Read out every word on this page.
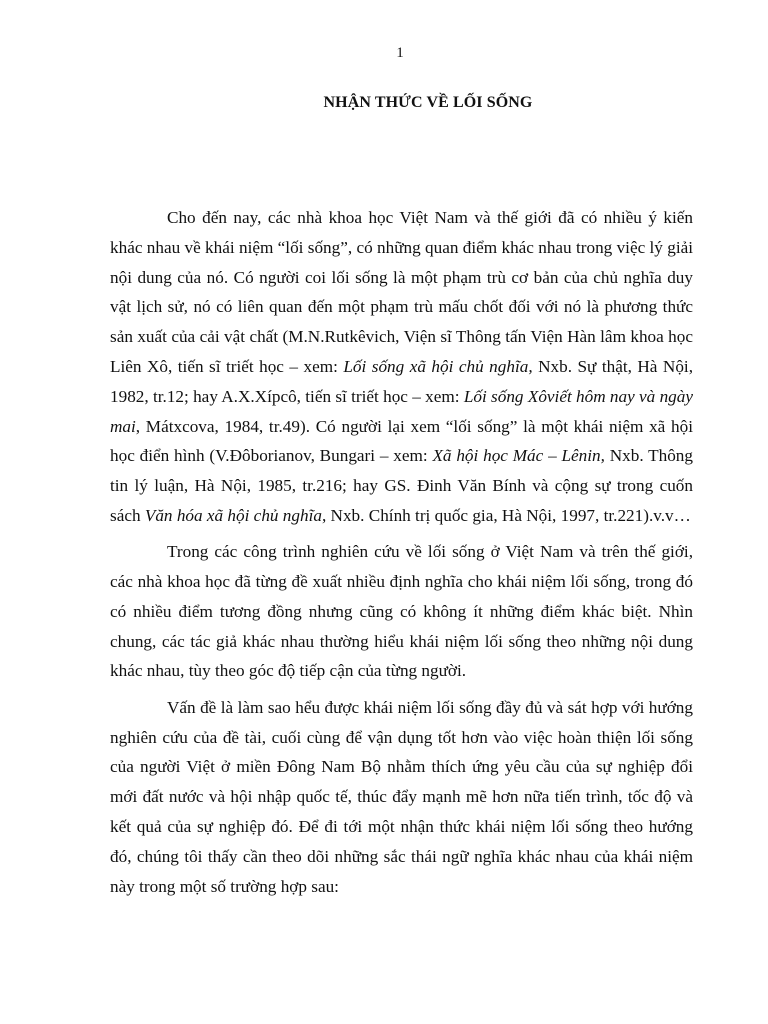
1
NHẬN THỨC VỀ LỐI SỐNG

Cho đến nay, các nhà khoa học Việt Nam và thế giới đã có nhiều ý kiến khác nhau về khái niệm “lối sống”, có những quan điểm khác nhau trong việc lý giải nội dung của nó. Có người coi lối sống là một phạm trù cơ bản của chủ nghĩa duy vật lịch sử, nó có liên quan đến một phạm trù mấu chốt đối với nó là phương thức sản xuất của cải vật chất (M.N.Rutkêvich, Viện sĩ Thông tấn Viện Hàn lâm khoa học Liên Xô, tiến sĩ triết học – xem: Lối sống xã hội chủ nghĩa, Nxb. Sự thật, Hà Nội, 1982, tr.12; hay A.X.Xípcô, tiến sĩ triết học – xem: Lối sống Xôviết hôm nay và ngày mai, Mátxcova, 1984, tr.49). Có người lại xem “lối sống” là một khái niệm xã hội học điển hình (V.Đôborianov, Bungari – xem: Xã hội học Mác – Lênin, Nxb. Thông tin lý luận, Hà Nội, 1985, tr.216; hay GS. Đinh Văn Bính và cộng sự trong cuốn sách Văn hóa xã hội chủ nghĩa, Nxb. Chính trị quốc gia, Hà Nội, 1997, tr.221).v.v…

Trong các công trình nghiên cứu về lối sống ở Việt Nam và trên thế giới, các nhà khoa học đã từng đề xuất nhiều định nghĩa cho khái niệm lối sống, trong đó có nhiều điểm tương đồng nhưng cũng có không ít những điểm khác biệt. Nhìn chung, các tác giả khác nhau thường hiểu khái niệm lối sống theo những nội dung khác nhau, tùy theo góc độ tiếp cận của từng người.

Vấn đề là làm sao hểu được khái niệm lối sống đầy đủ và sát hợp với hướng nghiên cứu của đề tài, cuối cùng để vận dụng tốt hơn vào việc hoàn thiện lối sống của người Việt ở miền Đông Nam Bộ nhằm thích ứng yêu cầu của sự nghiệp đổi mới đất nước và hội nhập quốc tế, thúc đẩy mạnh mẽ hơn nữa tiến trình, tốc độ và kết quả của sự nghiệp đó. Để đi tới một nhận thức khái niệm lối sống theo hướng đó, chúng tôi thấy cần theo dõi những sắc thái ngữ nghĩa khác nhau của khái niệm này trong một số trường hợp sau:
